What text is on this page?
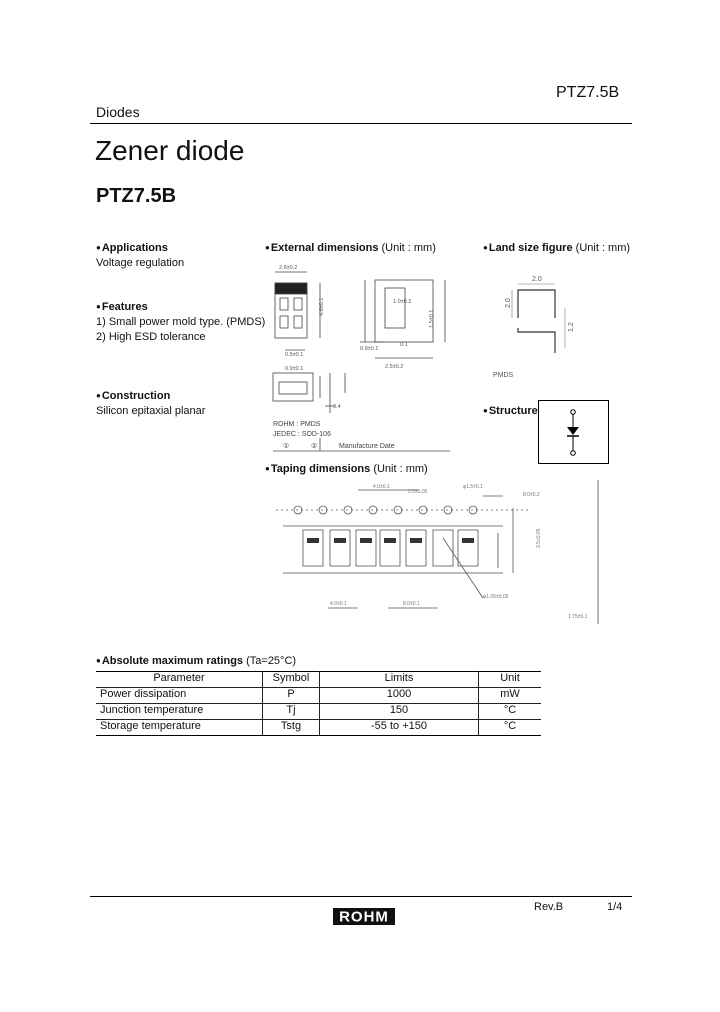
Diodes
PTZ7.5B
Zener diode
PTZ7.5B
● Applications
Voltage regulation
● Features
1) Small power mold type. (PMDS)
2) High ESD tolerance
● Construction
Silicon epitaxial planar
● External dimensions (Unit : mm)
2.6±0.2
4.6±0.1
0.5±0.1
1.0±0.2
1.5±0.1
0.9±0.1
2.5±0.2
0.1
0.9±0.1
3.4
ROHM : PMDS
JEDEC : SOD-106
①	②	Manufacture Date
● Land size figure (Unit : mm)
2.0
2.0
1.2
PMDS
● Structure
● Taping dimensions (Unit : mm)
4.0±0.1
2.0±0.05
φ1.5±0.1
8.0±0.2
4.0±0.1	8.0±0.1
φ1.05±0.05
3.5±0.05
1.75±0.1
● Absolute maximum ratings (Ta=25°C)
Parameter	Symbol	Limits	Unit
Power dissipation	P	1000	mW
Junction temperature	Tj	150	°C
Storage temperature	Tstg	-55 to +150	°C
Rev.B	1/4
ROHM
